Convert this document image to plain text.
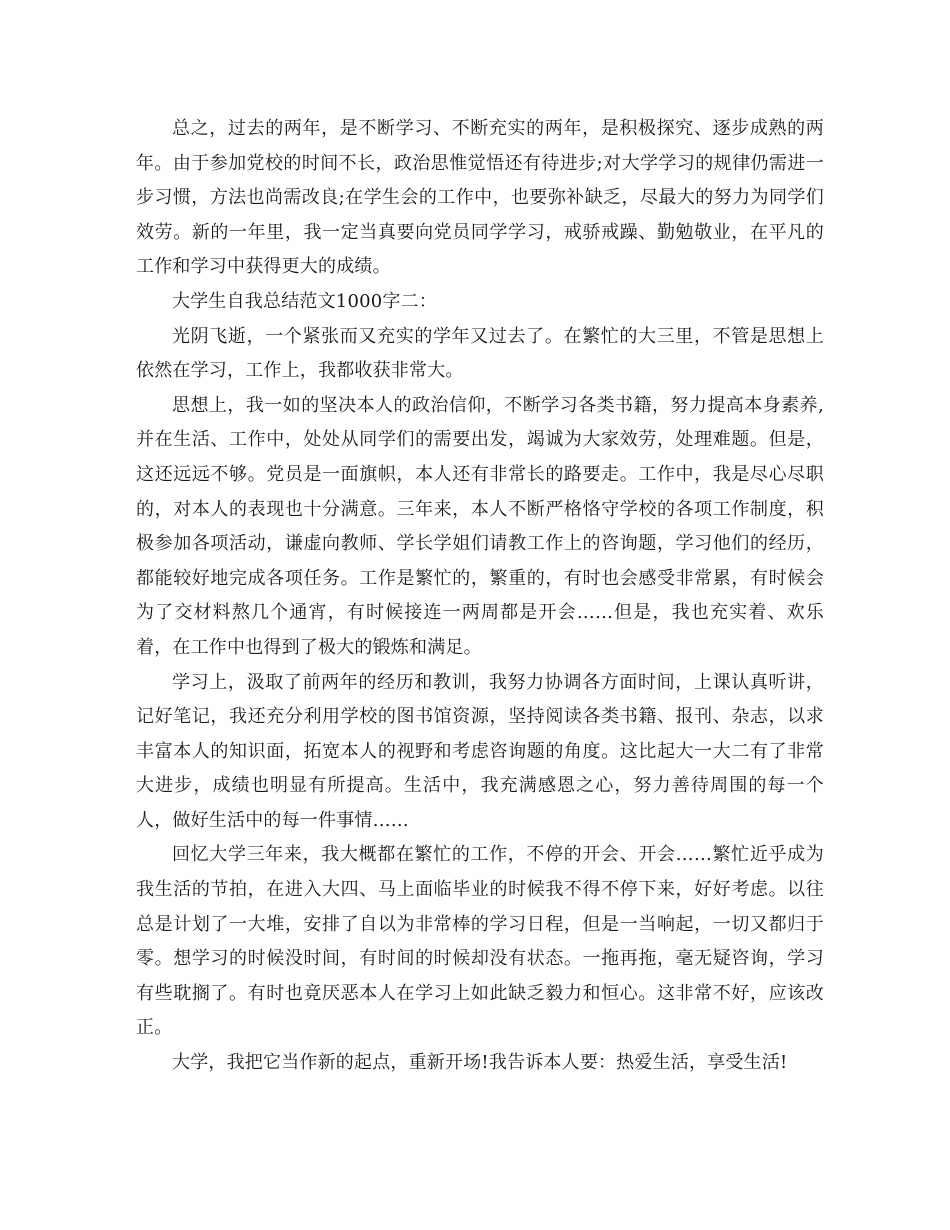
总之，过去的两年，是不断学习、不断充实的两年，是积极探究、逐步成熟的两年。由于参加党校的时间不长，政治思惟觉悟还有待进步;对大学学习的规律仍需进一步习惯，方法也尚需改良;在学生会的工作中，也要弥补缺乏，尽最大的努力为同学们效劳。新的一年里，我一定当真要向党员同学学习，戒骄戒躁、勤勉敬业，在平凡的工作和学习中获得更大的成绩。

大学生自我总结范文1000字二：

光阴飞逝，一个紧张而又充实的学年又过去了。在繁忙的大三里，不管是思想上依然在学习，工作上，我都收获非常大。

思想上，我一如的坚决本人的政治信仰，不断学习各类书籍，努力提高本身素养,并在生活、工作中，处处从同学们的需要出发，竭诚为大家效劳，处理难题。但是，这还远远不够。党员是一面旗帜，本人还有非常长的路要走。工作中，我是尽心尽职的，对本人的表现也十分满意。三年来，本人不断严格恪守学校的各项工作制度，积极参加各项活动，谦虚向教师、学长学姐们请教工作上的咨询题，学习他们的经历，都能较好地完成各项任务。工作是繁忙的，繁重的，有时也会感受非常累，有时候会为了交材料熬几个通宵，有时候接连一两周都是开会……但是，我也充实着、欢乐着，在工作中也得到了极大的锻炼和满足。

学习上，汲取了前两年的经历和教训，我努力协调各方面时间，上课认真听讲，记好笔记，我还充分利用学校的图书馆资源，坚持阅读各类书籍、报刊、杂志，以求丰富本人的知识面，拓宽本人的视野和考虑咨询题的角度。这比起大一大二有了非常大进步，成绩也明显有所提高。生活中，我充满感恩之心，努力善待周围的每一个人，做好生活中的每一件事情……

回忆大学三年来，我大概都在繁忙的工作，不停的开会、开会……繁忙近乎成为我生活的节拍，在进入大四、马上面临毕业的时候我不得不停下来，好好考虑。以往总是计划了一大堆，安排了自以为非常棒的学习日程，但是一当响起，一切又都归于零。想学习的时候没时间，有时间的时候却没有状态。一拖再拖，毫无疑咨询，学习有些耽搁了。有时也竟厌恶本人在学习上如此缺乏毅力和恒心。这非常不好，应该改正。

大学，我把它当作新的起点，重新开场!我告诉本人要：热爱生活，享受生活!
